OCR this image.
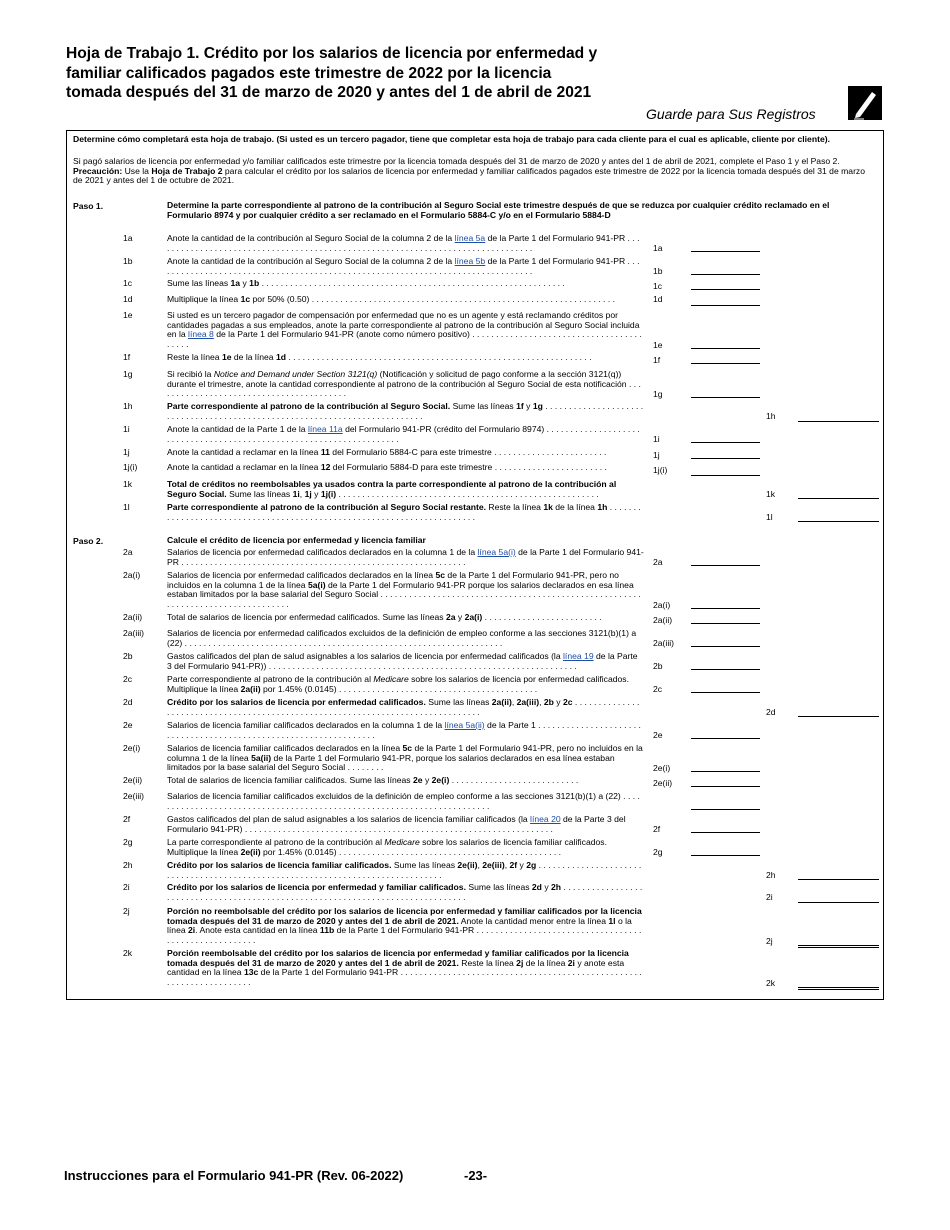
Hoja de Trabajo 1. Crédito por los salarios de licencia por enfermedad y familiar calificados pagados este trimestre de 2022 por la licencia tomada después del 31 de marzo de 2020 y antes del 1 de abril de 2021
Guarde para Sus Registros
Determine cómo completará esta hoja de trabajo. (Si usted es un tercero pagador, tiene que completar esta hoja de trabajo para cada cliente para el cual es aplicable, cliente por cliente).
Si pagó salarios de licencia por enfermedad y/o familiar calificados este trimestre por la licencia tomada después del 31 de marzo de 2020 y antes del 1 de abril de 2021, complete el Paso 1 y el Paso 2. Precaución: Use la Hoja de Trabajo 2 para calcular el crédito por los salarios de licencia por enfermedad y familiar calificados pagados este trimestre de 2022 por la licencia tomada después del 31 de marzo de 2021 y antes del 1 de octubre de 2021.
Paso 1.	Determine la parte correspondiente al patrono de la contribución al Seguro Social este trimestre después de que se reduzca por cualquier crédito reclamado en el Formulario 8974 y por cualquier crédito a ser reclamado en el Formulario 5884-C y/o en el Formulario 5884-D
1a	Anote la cantidad de la contribución al Seguro Social de la columna 2 de la línea 5a de la Parte 1 del Formulario 941-PR . . . . . . . . . . . . . . . . . . . . . . . . . . . . . . . . . . . . . . . . . . . . . . . . . . . . . . . . . . . . . . . . . . . . . . . . . . . . . . . .	1a
1b	Anote la cantidad de la contribución al Seguro Social de la columna 2 de la línea 5b de la Parte 1 del Formulario 941-PR . . . . . . . . . . . . . . . . . . . . . . . . . . . . . . . . . . . . . . . . . . . . . . . . . . . . . . . . . . . . . . . . . . . . . . . . . . . . . . . .	1b
1c	Sume las líneas 1a y 1b . . . . . . . . . . . . . . . . . . . . . . . . . . . . . . . . . . . . . . . . . . . . . . . . . . . . . . . . . . . . . . . .	1c
1d	Multiplique la línea 1c por 50% (0.50) . . . . . . . . . . . . . . . . . . . . . . . . . . . . . . . . . . . . . . . . . . . . . . . . . . . . . . . . . . . . . . . .	1d
1e	Si usted es un tercero pagador de compensación por enfermedad que no es un agente y está reclamando créditos por cantidades pagadas a sus empleados, anote la parte correspondiente al patrono de la contribución al Seguro Social incluida en la línea 8 de la Parte 1 del Formulario 941-PR (anote como número positivo) . . . . . . . . . . . . . . . . . . . . . . . . . . . . . . . . . . . . . . . . .	1e
1f	Reste la línea 1e de la línea 1d . . . . . . . . . . . . . . . . . . . . . . . . . . . . . . . . . . . . . . . . . . . . . . . . . . . . . . . . . . . . . . . .	1f
1g	Si recibió la Notice and Demand under Section 3121(q) (Notificación y solicitud de pago conforme a la sección 3121(q)) durante el trimestre, anote la cantidad correspondiente al patrono de la contribución al Seguro Social de esta notificación . . . . . . . . . . . . . . . . . . . . . . . . . . . . . . . . . . . . . . . . .	1g
1h	Parte correspondiente al patrono de la contribución al Seguro Social. Sume las líneas 1f y 1g . . . . . . . . . . . . . . . . . . . . . . . . . . . . . . . . . . . . . . . . . . . . . . . . . . . . . . . . . . . . . . . . . . . . . . . . . . .	1h
1i	Anote la cantidad de la Parte 1 de la línea 11a del Formulario 941-PR (crédito del Formulario 8974) . . . . . . . . . . . . . . . . . . . . . . . . . . . . . . . . . . . . . . . . . . . . . . . . . . . . . . . . . . . . . . . . . . . . .	1i
1j	Anote la cantidad a reclamar en la línea 11 del Formulario 5884-C para este trimestre . . . . . . . . . . . . . . . . . . . . . . . .	1j
1j(i)	Anote la cantidad a reclamar en la línea 12 del Formulario 5884-D para este trimestre . . . . . . . . . . . . . . . . . . . . . . . .	1j(i)
1k	Total de créditos no reembolsables ya usados contra la parte correspondiente al patrono de la contribución al Seguro Social. Sume las líneas 1i, 1j y 1j(i) . . . . . . . . . . . . . . . . . . . . . . . . . . . . . . . . . . . . . . . . . . . . . . . . . . . . . . .	1k
1l	Parte correspondiente al patrono de la contribución al Seguro Social restante. Reste la línea 1k de la línea 1h . . . . . . . . . . . . . . . . . . . . . . . . . . . . . . . . . . . . . . . . . . . . . . . . . . . . . . . . . . . . . . . . . . . . . . . .	1l
Paso 2.	Calcule el crédito de licencia por enfermedad y licencia familiar
2a	Salarios de licencia por enfermedad calificados declarados en la columna 1 de la línea 5a(i) de la Parte 1 del Formulario 941-PR . . . . . . . . . . . . . . . . . . . . . . . . . . . . . . . . . . . . . . . . . . . . . . . . . . . . . . . . . . . .	2a
2a(i)	Salarios de licencia por enfermedad calificados declarados en la línea 5c de la Parte 1 del Formulario 941-PR, pero no incluidos en la columna 1 de la línea 5a(i) de la Parte 1 del Formulario 941-PR porque los salarios declarados en esa línea estaban limitados por la base salarial del Seguro Social . . . . . . . . . . . . . . . . . . . . . . . . . . . . . . . . . . . . . . . . . . . . . . . . . . . . . . . . . . . . . . . . . . . . . . . . . . . . . . . . .	2a(i)
2a(ii)	Total de salarios de licencia por enfermedad calificados. Sume las líneas 2a y 2a(i) . . . . . . . . . . . . . . . . . . . . . . . . .	2a(ii)
2a(iii)	Salarios de licencia por enfermedad calificados excluidos de la definición de empleo conforme a las secciones 3121(b)(1) a (22) . . . . . . . . . . . . . . . . . . . . . . . . . . . . . . . . . . . . . . . . . . . . . . . . . . . . . . . . . . . . . . . . . . .	2a(iii)
2b	Gastos calificados del plan de salud asignables a los salarios de licencia por enfermedad calificados (la línea 19 de la Parte 3 del Formulario 941-PR)) . . . . . . . . . . . . . . . . . . . . . . . . . . . . . . . . . . . . . . . . . . . . . . . . . . . . . . . . . . . . . . . . .	2b
2c	Parte correspondiente al patrono de la contribución al Medicare sobre los salarios de licencia por enfermedad calificados. Multiplique la línea 2a(ii) por 1.45% (0.0145) . . . . . . . . . . . . . . . . . . . . . . . . . . . . . . . . . . . . . . . . . .	2c
2d	Crédito por los salarios de licencia por enfermedad calificados. Sume las líneas 2a(ii), 2a(iii), 2b y 2c . . . . . . . . . . . . . . . . . . . . . . . . . . . . . . . . . . . . . . . . . . . . . . . . . . . . . . . . . . . . . . . . . . . . . . . . . . . . . . . .	2d
2e	Salarios de licencia familiar calificados declarados en la columna 1 de la línea 5a(ii) de la Parte 1 . . . . . . . . . . . . . . . . . . . . . . . . . . . . . . . . . . . . . . . . . . . . . . . . . . . . . . . . . . . . . . . . . .	2e
2e(i)	Salarios de licencia familiar calificados declarados en la línea 5c de la Parte 1 del Formulario 941-PR, pero no incluidos en la columna 1 de la línea 5a(ii) de la Parte 1 del Formulario 941-PR, porque los salarios declarados en esa línea estaban limitados por la base salarial del Seguro Social . . . . . . . .	2e(i)
2e(ii)	Total de salarios de licencia familiar calificados. Sume las líneas 2e y 2e(i) . . . . . . . . . . . . . . . . . . . . . . . . . . .	2e(ii)
2e(iii)	Salarios de licencia familiar calificados excluidos de la definición de empleo conforme a las secciones 3121(b)(1) a (22) . . . . . . . . . . . . . . . . . . . . . . . . . . . . . . . . . . . . . . . . . . . . . . . . . . . . . . . . . . . . . . . . . . . . . . . .
2f	Gastos calificados del plan de salud asignables a los salarios de licencia familiar calificados (la línea 20 de la Parte 3 del Formulario 941-PR) . . . . . . . . . . . . . . . . . . . . . . . . . . . . . . . . . . . . . . . . . . . . . . . . . . . . . . . . . . . . . . . . .	2f
2g	La parte correspondiente al patrono de la contribución al Medicare sobre los salarios de licencia familiar calificados. Multiplique la línea 2e(ii) por 1.45% (0.0145) . . . . . . . . . . . . . . . . . . . . . . . . . . . . . . . . . . . . . . . . . . . . . . .	2g
2h	Crédito por los salarios de licencia familiar calificados. Sume las líneas 2e(ii), 2e(iii), 2f y 2g . . . . . . . . . . . . . . . . . . . . . . . . . . . . . . . . . . . . . . . . . . . . . . . . . . . . . . . . . . . . . . . . . . . . . . . . . . . . . . . .	2h
2i	Crédito por los salarios de licencia por enfermedad y familiar calificados. Sume las líneas 2d y 2h . . . . . . . . . . . . . . . . . . . . . . . . . . . . . . . . . . . . . . . . . . . . . . . . . . . . . . . . . . . . . . . . . . . . . . . . . . . . . . . .	2i
2j	Porción no reembolsable del crédito por los salarios de licencia por enfermedad y familiar calificados por la licencia tomada después del 31 de marzo de 2020 y antes del 1 de abril de 2021. Anote la cantidad menor entre la línea 1l o la línea 2i. Anote esta cantidad en la línea 11b de la Parte 1 del Formulario 941-PR . . . . . . . . . . . . . . . . . . . . . . . . . . . . . . . . . . . . . . . . . . . . . . . . . . . . . .	2j
2k	Porción reembolsable del crédito por los salarios de licencia por enfermedad y familiar calificados por la licencia tomada después del 31 de marzo de 2020 y antes del 1 de abril de 2021. Reste la línea 2j de la línea 2i y anote esta cantidad en la línea 13c de la Parte 1 del Formulario 941-PR . . . . . . . . . . . . . . . . . . . . . . . . . . . . . . . . . . . . . . . . . . . . . . . . . . . . . . . . . . . . . . . . . . . . .	2k
Instrucciones para el Formulario 941-PR (Rev. 06-2022)	-23-
